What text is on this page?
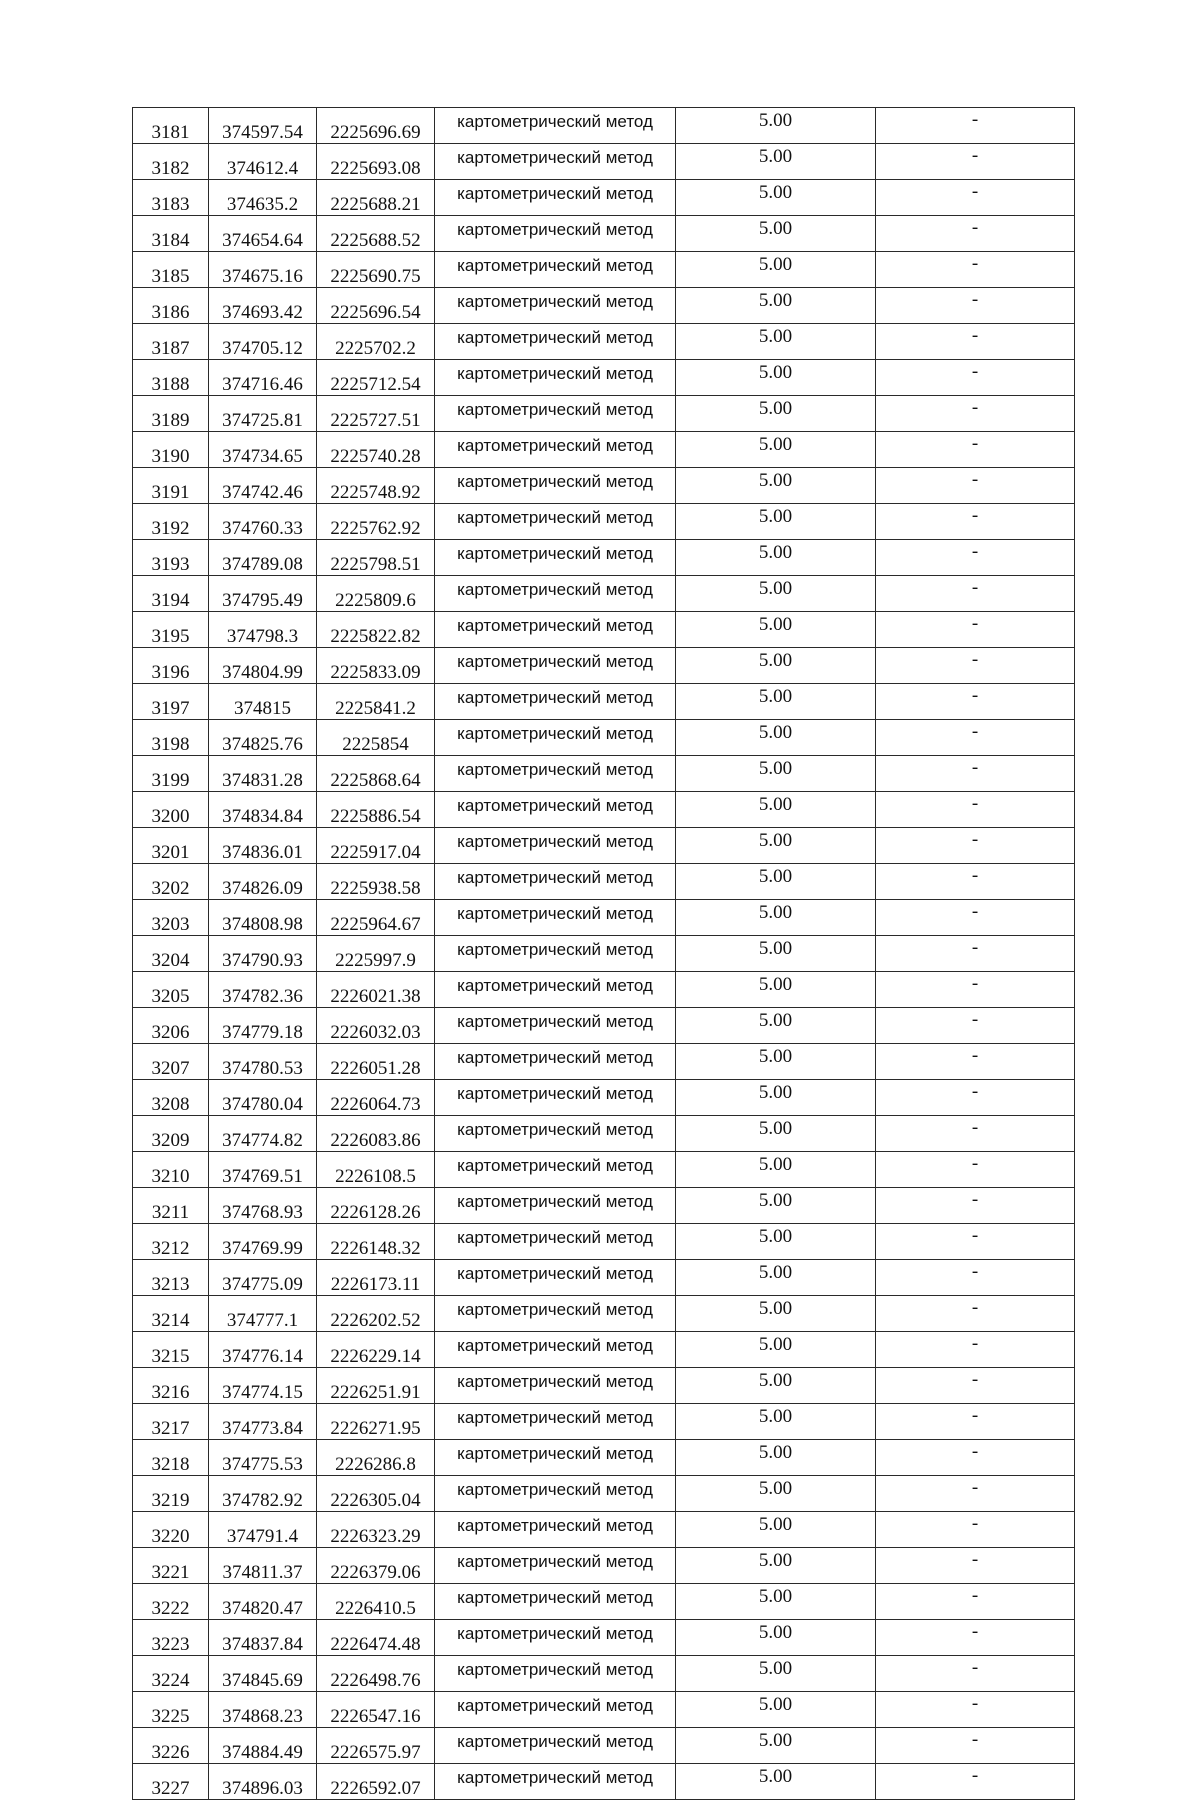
3181	374597.54	2225696.69	картометрический метод	5.00	-
3182	374612.4	2225693.08	картометрический метод	5.00	-
3183	374635.2	2225688.21	картометрический метод	5.00	-
3184	374654.64	2225688.52	картометрический метод	5.00	-
3185	374675.16	2225690.75	картометрический метод	5.00	-
3186	374693.42	2225696.54	картометрический метод	5.00	-
3187	374705.12	2225702.2	картометрический метод	5.00	-
3188	374716.46	2225712.54	картометрический метод	5.00	-
3189	374725.81	2225727.51	картометрический метод	5.00	-
3190	374734.65	2225740.28	картометрический метод	5.00	-
3191	374742.46	2225748.92	картометрический метод	5.00	-
3192	374760.33	2225762.92	картометрический метод	5.00	-
3193	374789.08	2225798.51	картометрический метод	5.00	-
3194	374795.49	2225809.6	картометрический метод	5.00	-
3195	374798.3	2225822.82	картометрический метод	5.00	-
3196	374804.99	2225833.09	картометрический метод	5.00	-
3197	374815	2225841.2	картометрический метод	5.00	-
3198	374825.76	2225854	картометрический метод	5.00	-
3199	374831.28	2225868.64	картометрический метод	5.00	-
3200	374834.84	2225886.54	картометрический метод	5.00	-
3201	374836.01	2225917.04	картометрический метод	5.00	-
3202	374826.09	2225938.58	картометрический метод	5.00	-
3203	374808.98	2225964.67	картометрический метод	5.00	-
3204	374790.93	2225997.9	картометрический метод	5.00	-
3205	374782.36	2226021.38	картометрический метод	5.00	-
3206	374779.18	2226032.03	картометрический метод	5.00	-
3207	374780.53	2226051.28	картометрический метод	5.00	-
3208	374780.04	2226064.73	картометрический метод	5.00	-
3209	374774.82	2226083.86	картометрический метод	5.00	-
3210	374769.51	2226108.5	картометрический метод	5.00	-
3211	374768.93	2226128.26	картометрический метод	5.00	-
3212	374769.99	2226148.32	картометрический метод	5.00	-
3213	374775.09	2226173.11	картометрический метод	5.00	-
3214	374777.1	2226202.52	картометрический метод	5.00	-
3215	374776.14	2226229.14	картометрический метод	5.00	-
3216	374774.15	2226251.91	картометрический метод	5.00	-
3217	374773.84	2226271.95	картометрический метод	5.00	-
3218	374775.53	2226286.8	картометрический метод	5.00	-
3219	374782.92	2226305.04	картометрический метод	5.00	-
3220	374791.4	2226323.29	картометрический метод	5.00	-
3221	374811.37	2226379.06	картометрический метод	5.00	-
3222	374820.47	2226410.5	картометрический метод	5.00	-
3223	374837.84	2226474.48	картометрический метод	5.00	-
3224	374845.69	2226498.76	картометрический метод	5.00	-
3225	374868.23	2226547.16	картометрический метод	5.00	-
3226	374884.49	2226575.97	картометрический метод	5.00	-
3227	374896.03	2226592.07	картометрический метод	5.00	-
